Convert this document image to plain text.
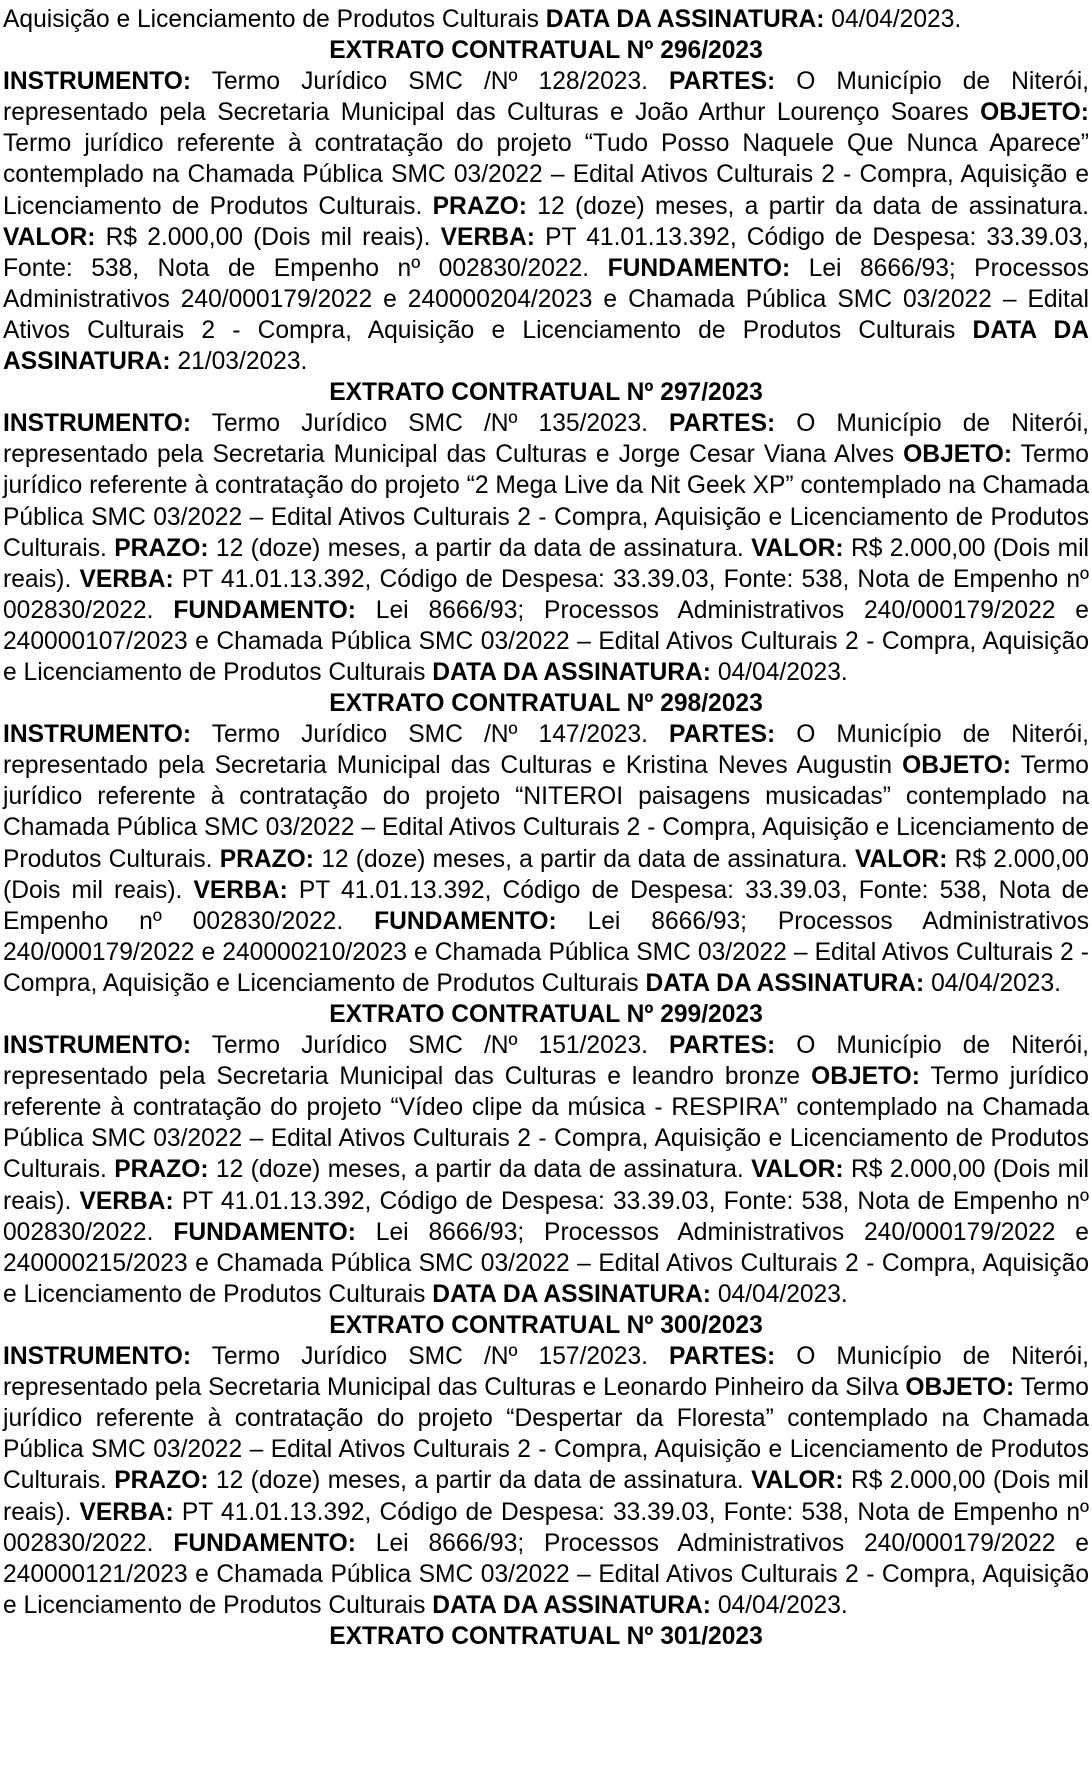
Aquisição e Licenciamento de Produtos Culturais DATA DA ASSINATURA: 04/04/2023.

EXTRATO CONTRATUAL Nº 296/2023

INSTRUMENTO: Termo Jurídico SMC /Nº 128/2023. PARTES: O Município de Niterói, representado pela Secretaria Municipal das Culturas e João Arthur Lourenço Soares OBJETO: Termo jurídico referente à contratação do projeto “Tudo Posso Naquele Que Nunca Aparece” contemplado na Chamada Pública SMC 03/2022 – Edital Ativos Culturais 2 - Compra, Aquisição e Licenciamento de Produtos Culturais. PRAZO: 12 (doze) meses, a partir da data de assinatura. VALOR: R$ 2.000,00 (Dois mil reais). VERBA: PT 41.01.13.392, Código de Despesa: 33.39.03, Fonte: 538, Nota de Empenho nº 002830/2022. FUNDAMENTO: Lei 8666/93; Processos Administrativos 240/000179/2022 e 240000204/2023 e Chamada Pública SMC 03/2022 – Edital Ativos Culturais 2 - Compra, Aquisição e Licenciamento de Produtos Culturais DATA DA ASSINATURA: 21/03/2023.

EXTRATO CONTRATUAL Nº 297/2023

INSTRUMENTO: Termo Jurídico SMC /Nº 135/2023. PARTES: O Município de Niterói, representado pela Secretaria Municipal das Culturas e Jorge Cesar Viana Alves OBJETO: Termo jurídico referente à contratação do projeto “2 Mega Live da Nit Geek XP” contemplado na Chamada Pública SMC 03/2022 – Edital Ativos Culturais 2 - Compra, Aquisição e Licenciamento de Produtos Culturais. PRAZO: 12 (doze) meses, a partir da data de assinatura. VALOR: R$ 2.000,00 (Dois mil reais). VERBA: PT 41.01.13.392, Código de Despesa: 33.39.03, Fonte: 538, Nota de Empenho nº 002830/2022. FUNDAMENTO: Lei 8666/93; Processos Administrativos 240/000179/2022 e 240000107/2023 e Chamada Pública SMC 03/2022 – Edital Ativos Culturais 2 - Compra, Aquisição e Licenciamento de Produtos Culturais DATA DA ASSINATURA: 04/04/2023.

EXTRATO CONTRATUAL Nº 298/2023

INSTRUMENTO: Termo Jurídico SMC /Nº 147/2023. PARTES: O Município de Niterói, representado pela Secretaria Municipal das Culturas e Kristina Neves Augustin OBJETO: Termo jurídico referente à contratação do projeto “NITEROI paisagens musicadas” contemplado na Chamada Pública SMC 03/2022 – Edital Ativos Culturais 2 - Compra, Aquisição e Licenciamento de Produtos Culturais. PRAZO: 12 (doze) meses, a partir da data de assinatura. VALOR: R$ 2.000,00 (Dois mil reais). VERBA: PT 41.01.13.392, Código de Despesa: 33.39.03, Fonte: 538, Nota de Empenho nº 002830/2022. FUNDAMENTO: Lei 8666/93; Processos Administrativos 240/000179/2022 e 240000210/2023 e Chamada Pública SMC 03/2022 – Edital Ativos Culturais 2 - Compra, Aquisição e Licenciamento de Produtos Culturais DATA DA ASSINATURA: 04/04/2023.

EXTRATO CONTRATUAL Nº 299/2023

INSTRUMENTO: Termo Jurídico SMC /Nº 151/2023. PARTES: O Município de Niterói, representado pela Secretaria Municipal das Culturas e leandro bronze OBJETO: Termo jurídico referente à contratação do projeto “Vídeo clipe da música - RESPIRA” contemplado na Chamada Pública SMC 03/2022 – Edital Ativos Culturais 2 - Compra, Aquisição e Licenciamento de Produtos Culturais. PRAZO: 12 (doze) meses, a partir da data de assinatura. VALOR: R$ 2.000,00 (Dois mil reais). VERBA: PT 41.01.13.392, Código de Despesa: 33.39.03, Fonte: 538, Nota de Empenho nº 002830/2022. FUNDAMENTO: Lei 8666/93; Processos Administrativos 240/000179/2022 e 240000215/2023 e Chamada Pública SMC 03/2022 – Edital Ativos Culturais 2 - Compra, Aquisição e Licenciamento de Produtos Culturais DATA DA ASSINATURA: 04/04/2023.

EXTRATO CONTRATUAL Nº 300/2023

INSTRUMENTO: Termo Jurídico SMC /Nº 157/2023. PARTES: O Município de Niterói, representado pela Secretaria Municipal das Culturas e Leonardo Pinheiro da Silva OBJETO: Termo jurídico referente à contratação do projeto “Despertar da Floresta” contemplado na Chamada Pública SMC 03/2022 – Edital Ativos Culturais 2 - Compra, Aquisição e Licenciamento de Produtos Culturais. PRAZO: 12 (doze) meses, a partir da data de assinatura. VALOR: R$ 2.000,00 (Dois mil reais). VERBA: PT 41.01.13.392, Código de Despesa: 33.39.03, Fonte: 538, Nota de Empenho nº 002830/2022. FUNDAMENTO: Lei 8666/93; Processos Administrativos 240/000179/2022 e 240000121/2023 e Chamada Pública SMC 03/2022 – Edital Ativos Culturais 2 - Compra, Aquisição e Licenciamento de Produtos Culturais DATA DA ASSINATURA: 04/04/2023.

EXTRATO CONTRATUAL Nº 301/2023
